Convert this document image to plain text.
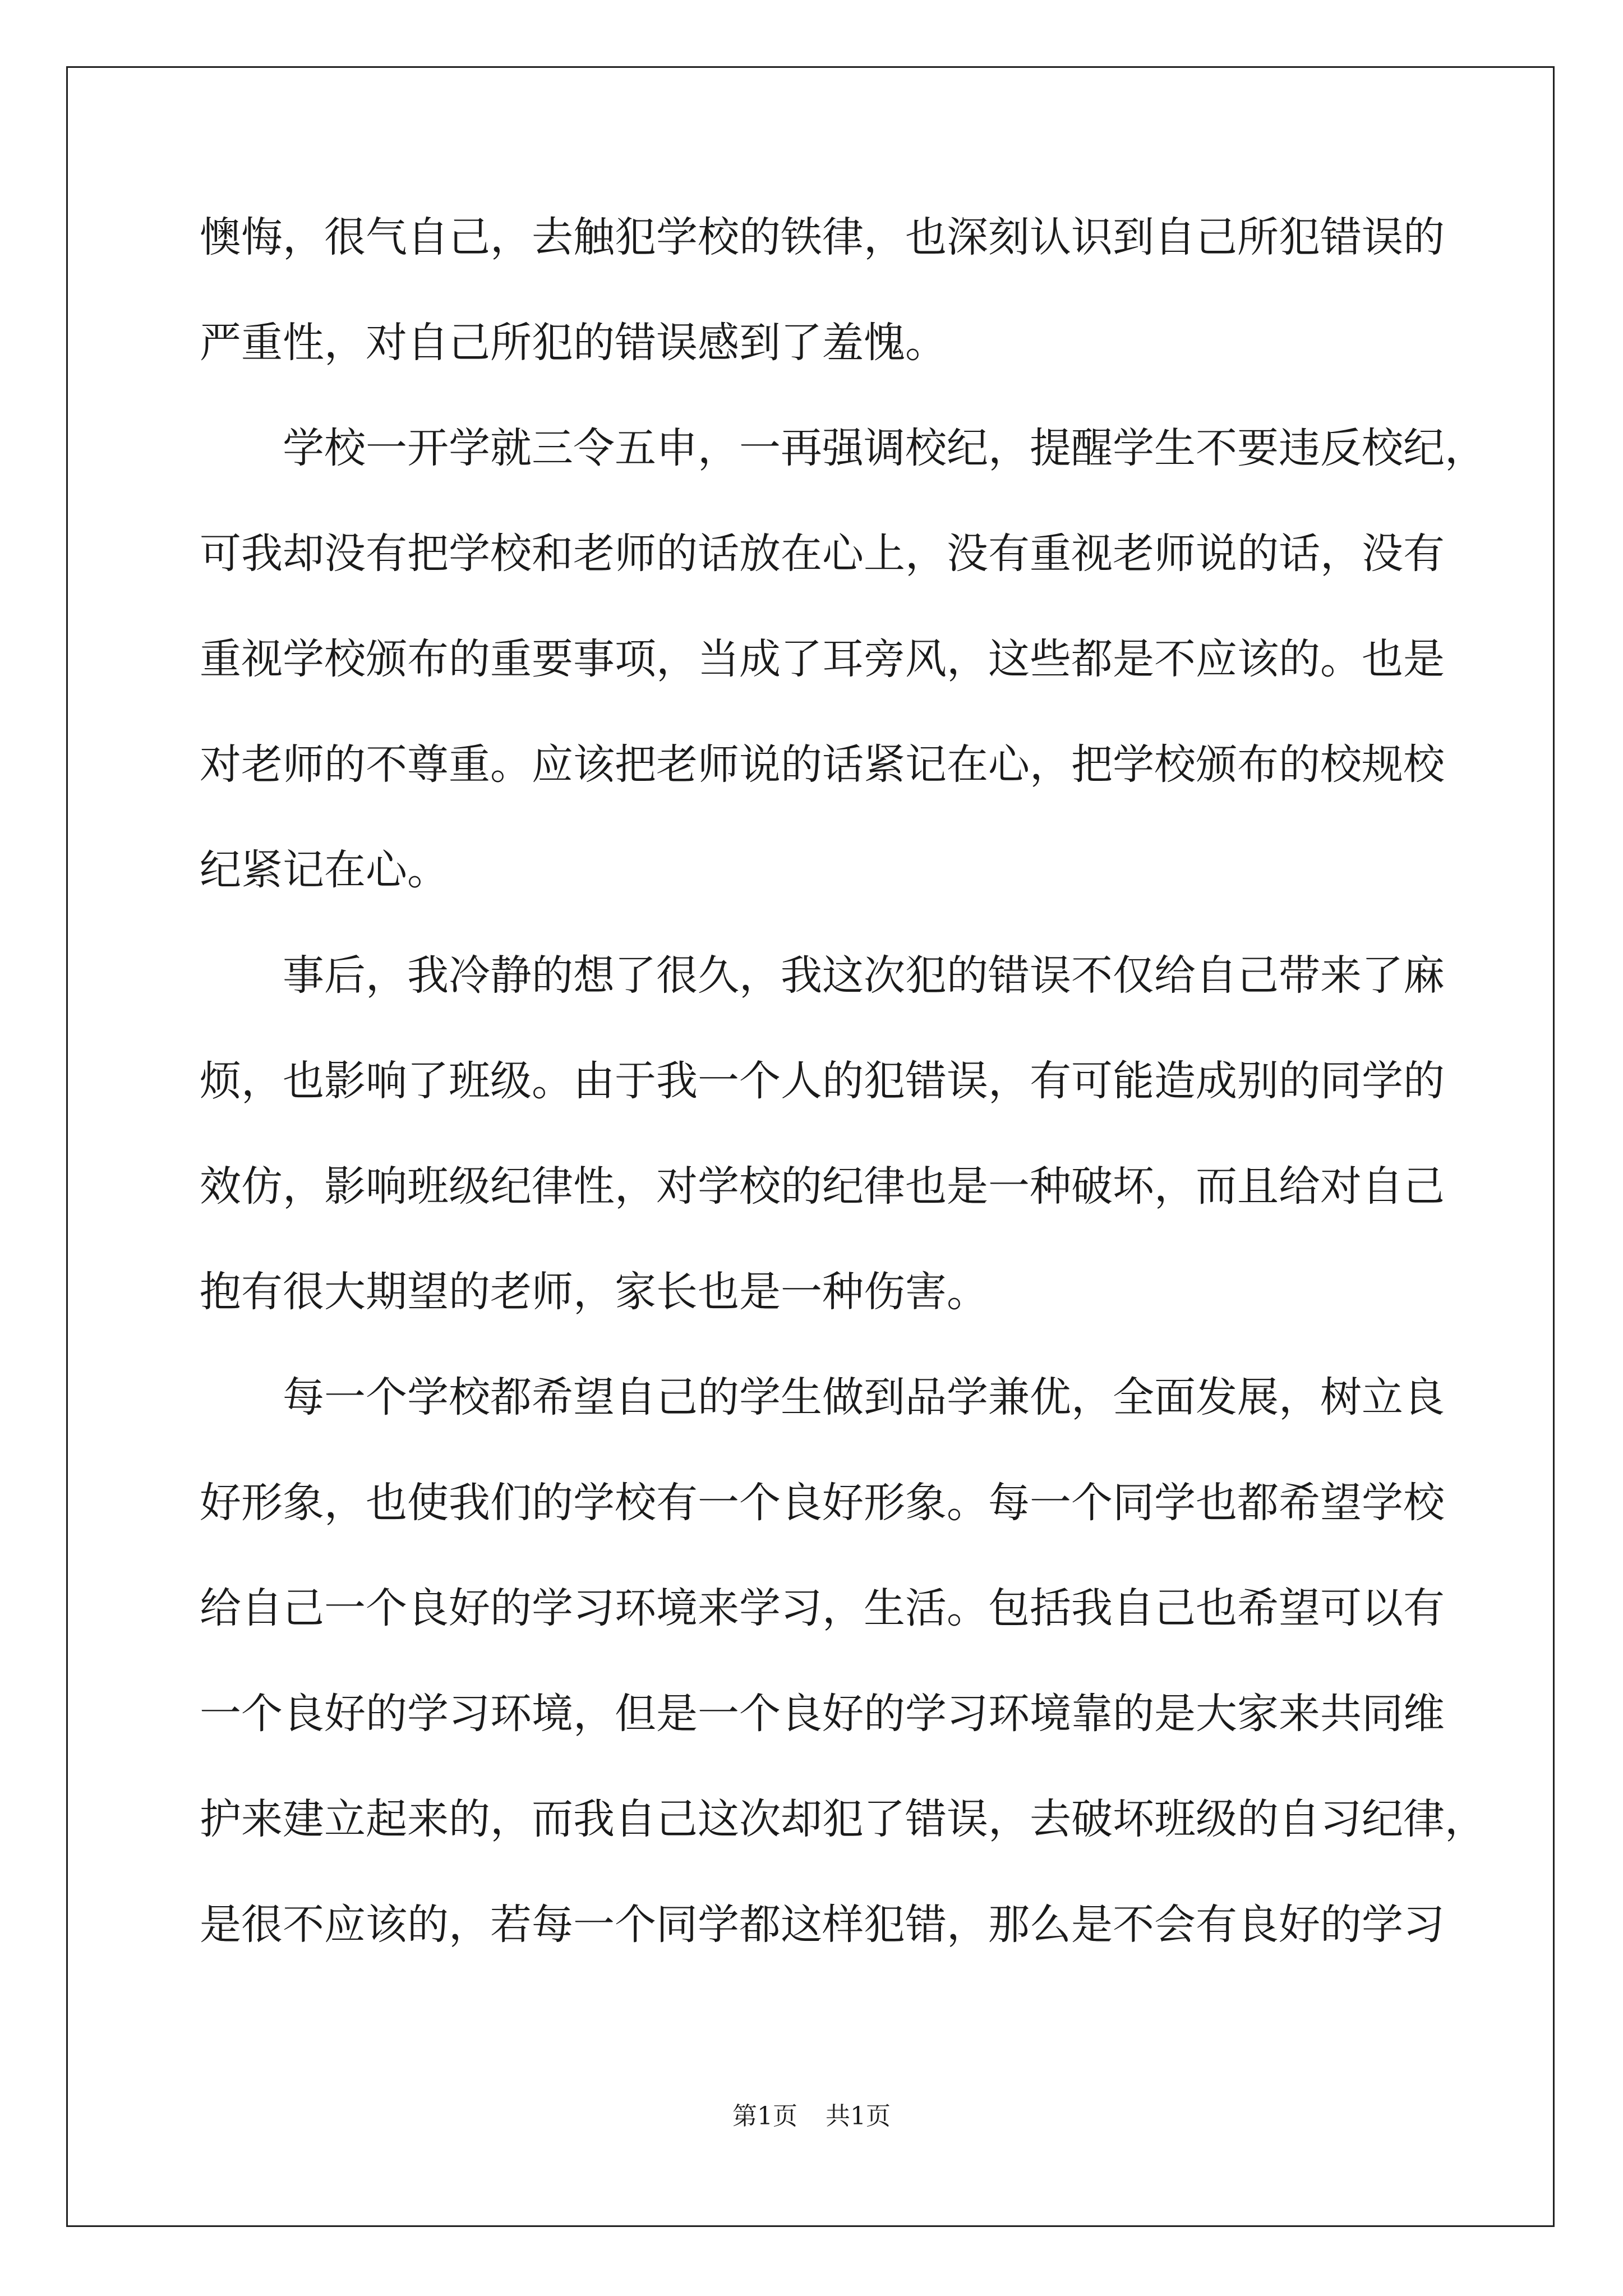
懊悔，很气自己，去触犯学校的铁律，也深刻认识到自己所犯错误的
严重性，对自己所犯的错误感到了羞愧。
学校一开学就三令五申，一再强调校纪，提醒学生不要违反校纪，
可我却没有把学校和老师的话放在心上，没有重视老师说的话，没有
重视学校颁布的重要事项，当成了耳旁风，这些都是不应该的。也是
对老师的不尊重。应该把老师说的话紧记在心，把学校颁布的校规校
纪紧记在心。
事后，我冷静的想了很久，我这次犯的错误不仅给自己带来了麻
烦，也影响了班级。由于我一个人的犯错误，有可能造成别的同学的
效仿，影响班级纪律性，对学校的纪律也是一种破坏，而且给对自己
抱有很大期望的老师，家长也是一种伤害。
每一个学校都希望自己的学生做到品学兼优，全面发展，树立良
好形象，也使我们的学校有一个良好形象。每一个同学也都希望学校
给自己一个良好的学习环境来学习，生活。包括我自己也希望可以有
一个良好的学习环境，但是一个良好的学习环境靠的是大家来共同维
护来建立起来的，而我自己这次却犯了错误，去破坏班级的自习纪律，
是很不应该的，若每一个同学都这样犯错，那么是不会有良好的学习
第1页 共1页
